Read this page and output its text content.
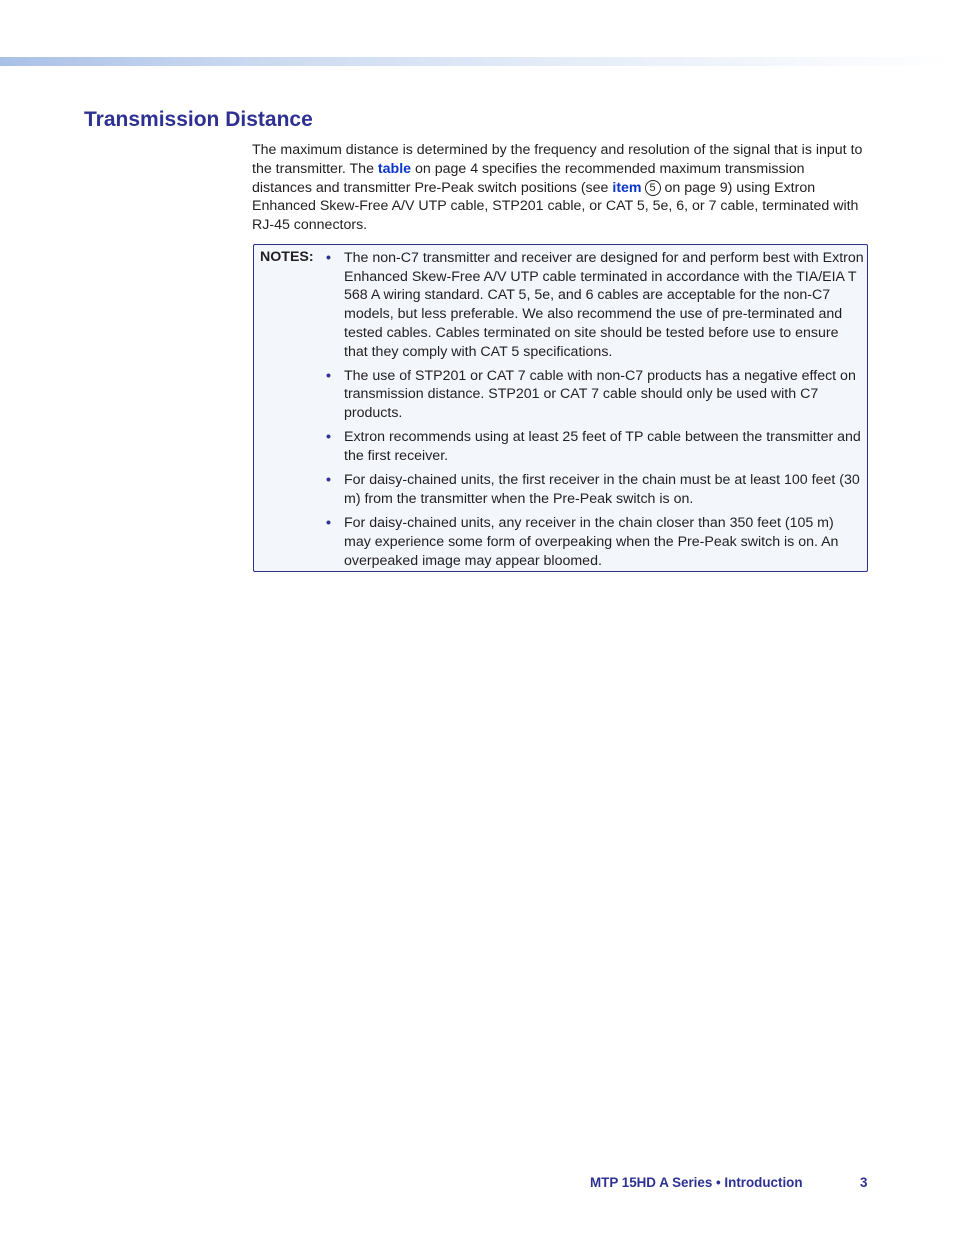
Transmission Distance

The maximum distance is determined by the frequency and resolution of the signal that is input to the transmitter. The table on page 4 specifies the recommended maximum transmission distances and transmitter Pre-Peak switch positions (see item 5 on page 9) using Extron Enhanced Skew-Free A/V UTP cable, STP201 cable, or CAT 5, 5e, 6, or 7 cable, terminated with RJ-45 connectors.

NOTES: • The non-C7 transmitter and receiver are designed for and perform best with Extron Enhanced Skew-Free A/V UTP cable terminated in accordance with the TIA/EIA T 568 A wiring standard. CAT 5, 5e, and 6 cables are acceptable for the non-C7 models, but less preferable. We also recommend the use of pre-terminated and tested cables. Cables terminated on site should be tested before use to ensure that they comply with CAT 5 specifications.
• The use of STP201 or CAT 7 cable with non-C7 products has a negative effect on transmission distance. STP201 or CAT 7 cable should only be used with C7 products.
• Extron recommends using at least 25 feet of TP cable between the transmitter and the first receiver.
• For daisy-chained units, the first receiver in the chain must be at least 100 feet (30 m) from the transmitter when the Pre-Peak switch is on.
• For daisy-chained units, any receiver in the chain closer than 350 feet (105 m) may experience some form of overpeaking when the Pre-Peak switch is on. An overpeaked image may appear bloomed.
MTP 15HD A Series • Introduction	3
